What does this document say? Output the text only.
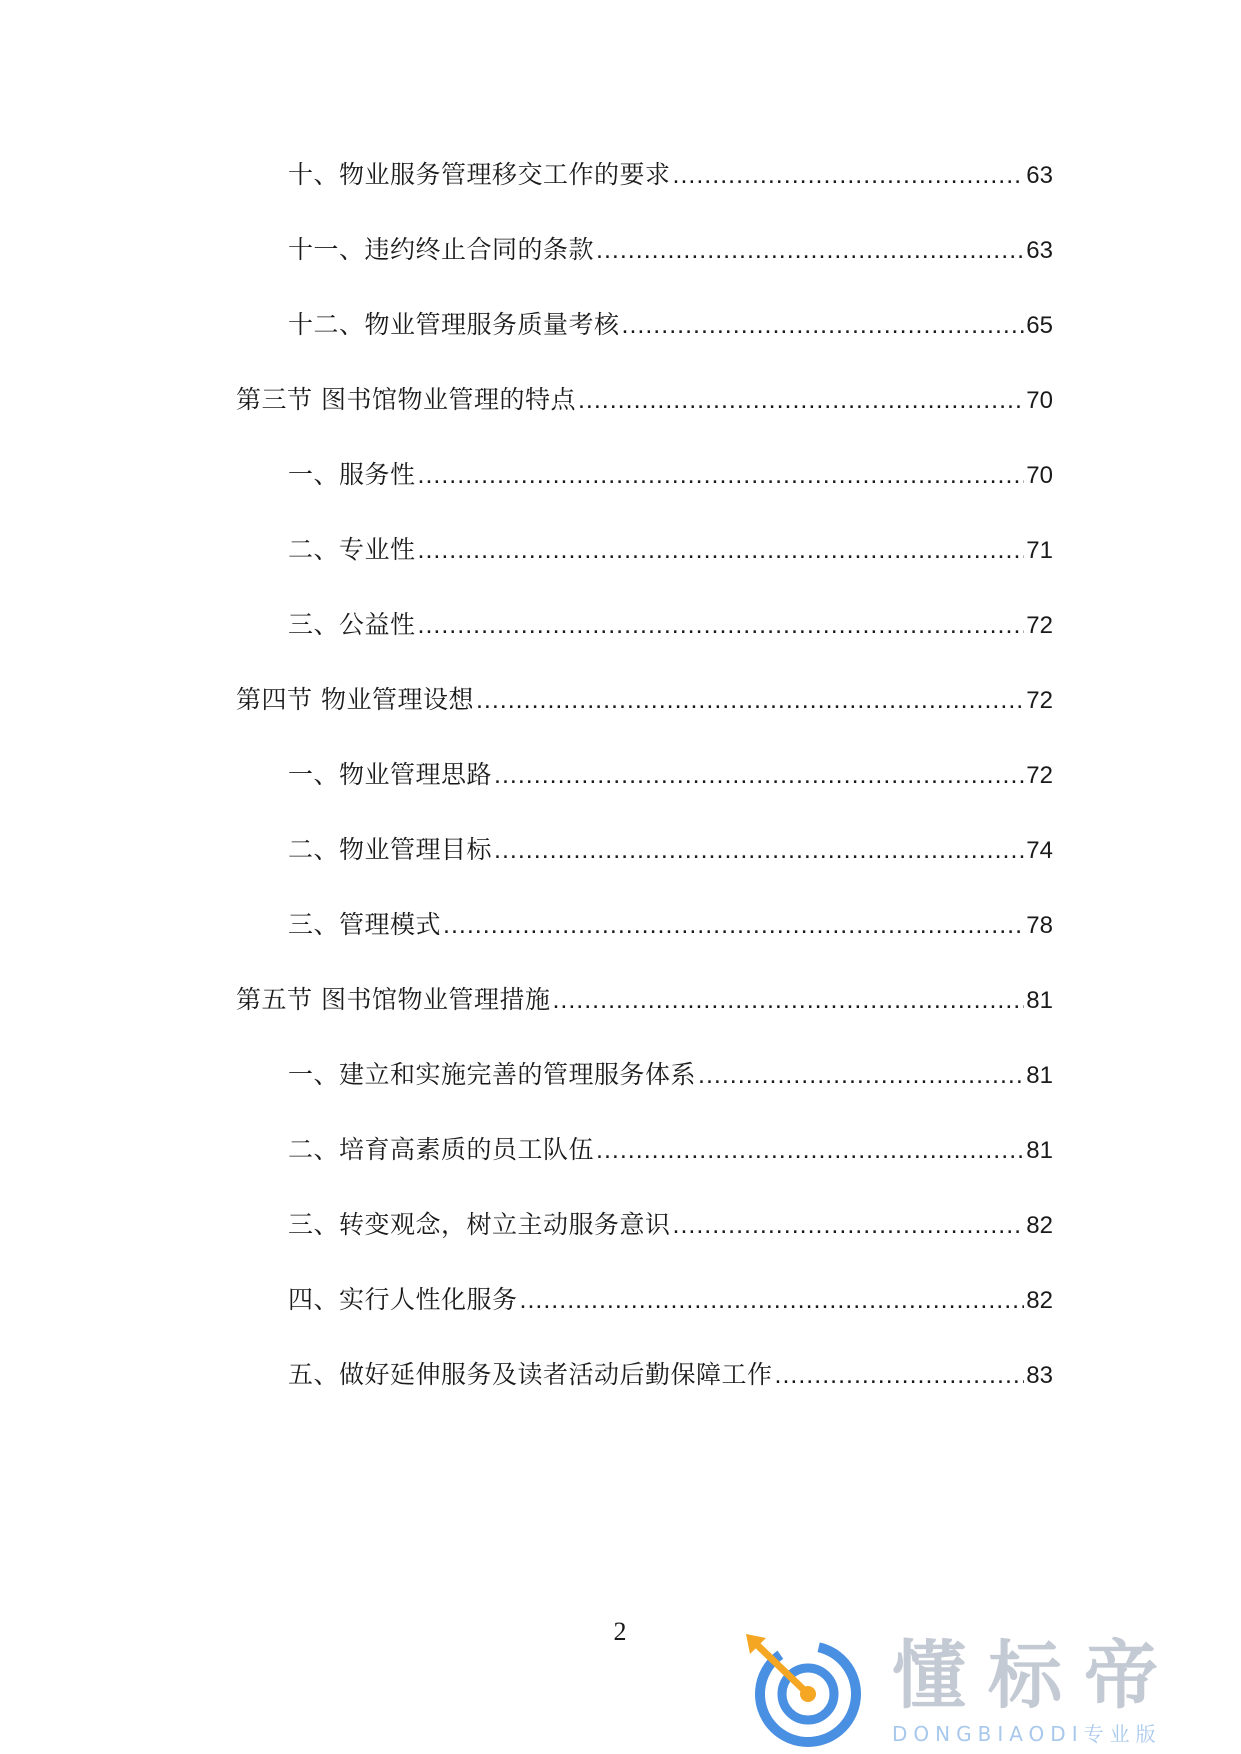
十、物业服务管理移交工作的要求 .....	63
十一、违约终止合同的条款 .....	63
十二、物业管理服务质量考核 .....	65
第三节 图书馆物业管理的特点 .....	70
一、服务性 .....	70
二、专业性 .....	71
三、公益性 .....	72
第四节 物业管理设想 .....	72
一、物业管理思路 .....	72
二、物业管理目标 .....	74
三、管理模式 .....	78
第五节 图书馆物业管理措施 .....	81
一、建立和实施完善的管理服务体系 .....	81
二、培育高素质的员工队伍 .....	81
三、转变观念，树立主动服务意识 .....	82
四、实行人性化服务 .....	82
五、做好延伸服务及读者活动后勤保障工作 .....	83
2
懂标帝
DONGBIAODI专业版
